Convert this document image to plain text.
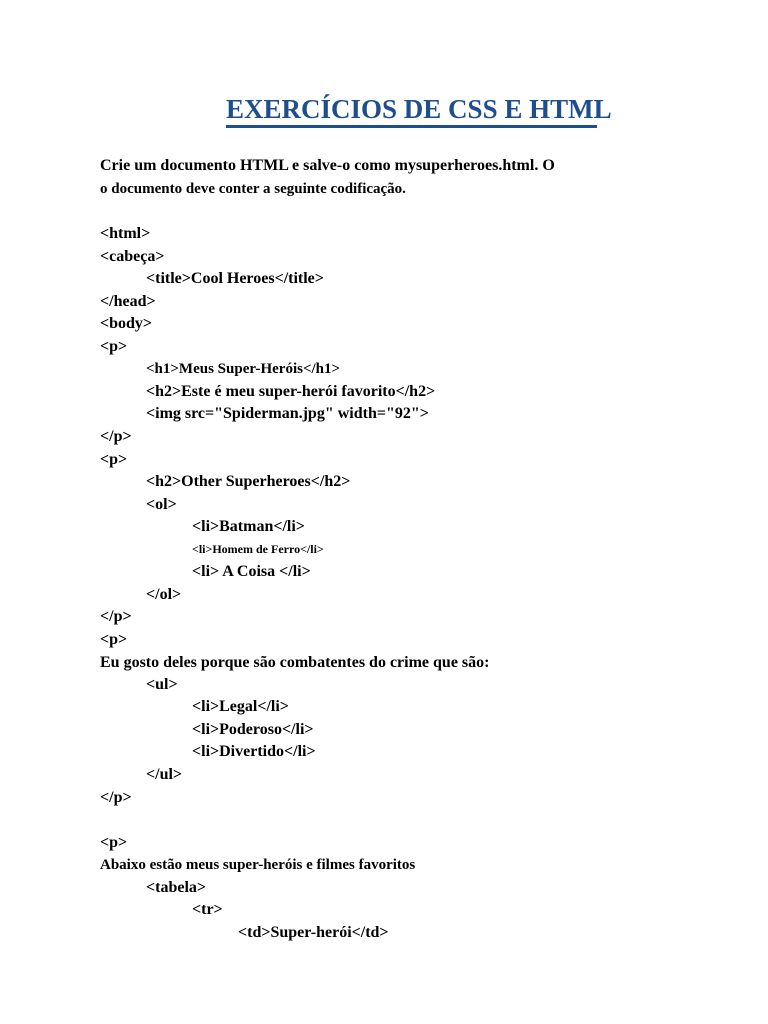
EXERCÍCIOS DE CSS E HTML
Crie um documento HTML e salve-o como mysuperheroes.html. O
o documento deve conter a seguinte codificação.
<html>
<cabeça>
<title>Cool Heroes</title>
</head>
<body>
<p>
<h1>Meus Super-Heróis</h1>
<h2>Este é meu super-herói favorito</h2>
<img src="Spiderman.jpg" width="92">
</p>
<p>
<h2>Other Superheroes</h2>
<ol>
<li>Batman</li>
<li>Homem de Ferro</li>
<li> A Coisa </li>
</ol>
</p>
<p>
Eu gosto deles porque são combatentes do crime que são:
<ul>
<li>Legal</li>
<li>Poderoso</li>
<li>Divertido</li>
</ul>
</p>
<p>
Abaixo estão meus super-heróis e filmes favoritos
<tabela>
<tr>
<td>Super-herói</td>
